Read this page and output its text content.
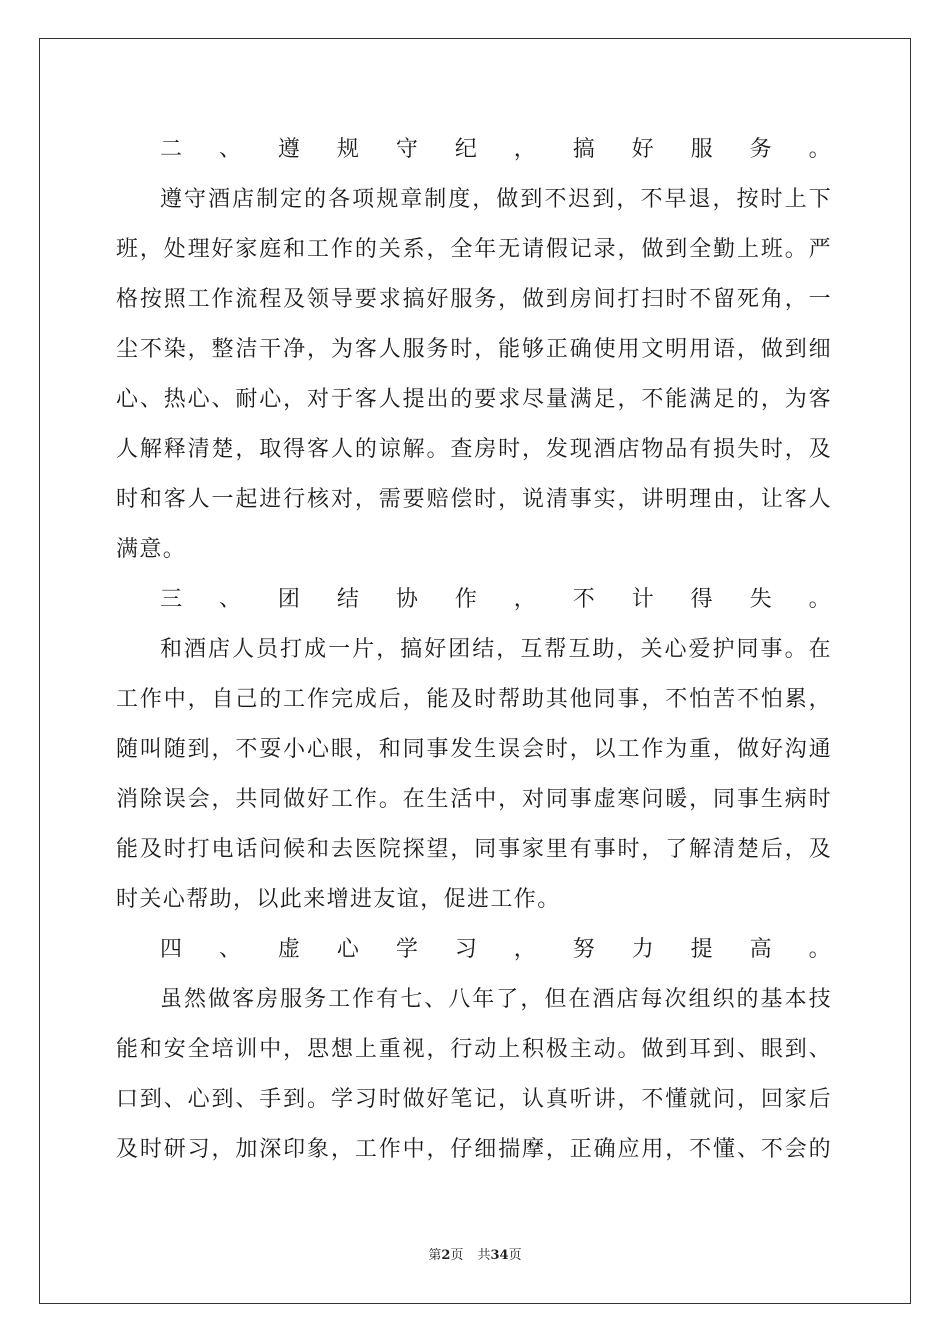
二、遵规守纪，搞好服务。
遵守酒店制定的各项规章制度，做到不迟到，不早退，按时上下
班，处理好家庭和工作的关系，全年无请假记录，做到全勤上班。严
格按照工作流程及领导要求搞好服务，做到房间打扫时不留死角，一
尘不染，整洁干净，为客人服务时，能够正确使用文明用语，做到细
心、热心、耐心，对于客人提出的要求尽量满足，不能满足的，为客
人解释清楚，取得客人的谅解。查房时，发现酒店物品有损失时，及
时和客人一起进行核对，需要赔偿时，说清事实，讲明理由，让客人
满意。
三、团结协作，不计得失。
和酒店人员打成一片，搞好团结，互帮互助，关心爱护同事。在
工作中，自己的工作完成后，能及时帮助其他同事，不怕苦不怕累，
随叫随到，不耍小心眼，和同事发生误会时，以工作为重，做好沟通
消除误会，共同做好工作。在生活中，对同事虚寒问暖，同事生病时
能及时打电话问候和去医院探望，同事家里有事时，了解清楚后，及
时关心帮助，以此来增进友谊，促进工作。
四、虚心学习，努力提高。
虽然做客房服务工作有七、八年了，但在酒店每次组织的基本技
能和安全培训中，思想上重视，行动上积极主动。做到耳到、眼到、
口到、心到、手到。学习时做好笔记，认真听讲，不懂就问，回家后
及时研习，加深印象，工作中，仔细揣摩，正确应用，不懂、不会的
第2页 共34页
